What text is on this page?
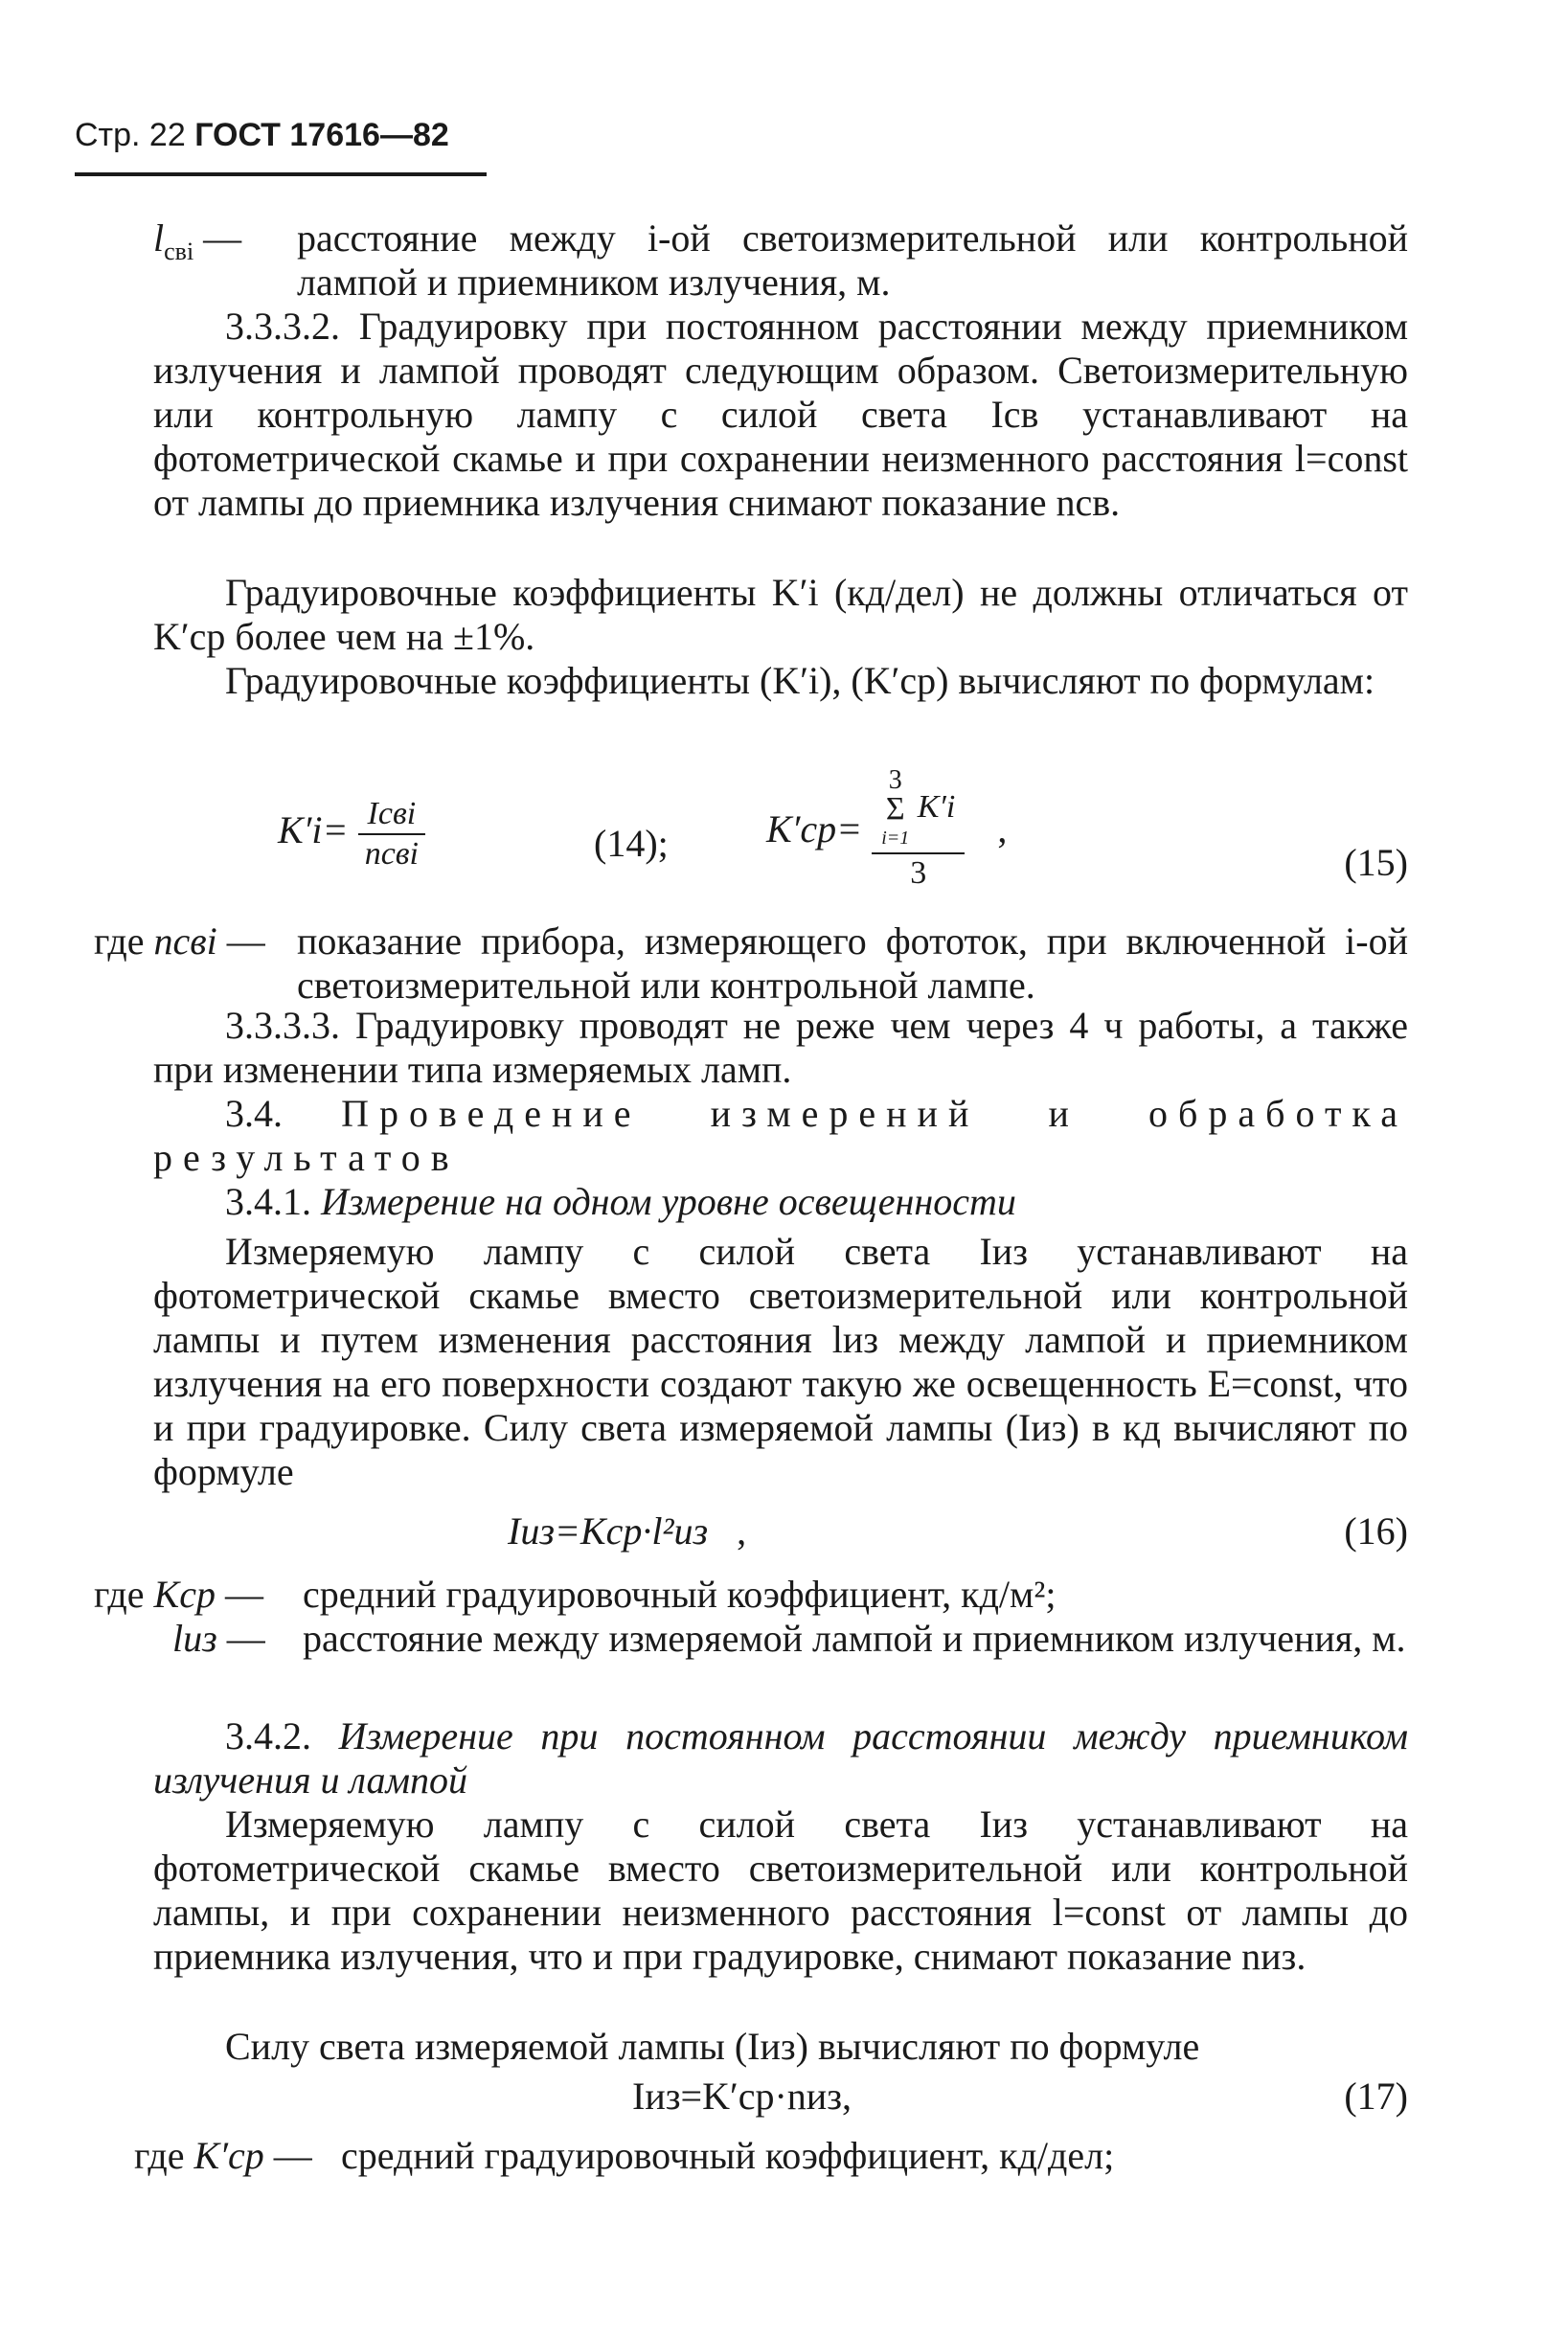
Стр. 22 ГОСТ 17616—82
$l_{свi}$ — расстояние между i-ой светоизмерительной или контрольной лампой и приемником излучения, м.
3.3.3.2. Градуировку при постоянном расстоянии между приемником излучения и лампой проводят следующим образом. Светоизмерительную или контрольную лампу с силой света Iсв устанавливают на фотометрической скамье и при сохранении неизменного расстояния l=const от лампы до приемника излучения снимают показание nсв.
Градуировочные коэффициенты K′i (кд/дел) не должны отличаться от K′ср более чем на ±1%.
Градуировочные коэффициенты (K′i), (K′ср) вычисляют по формулам:
$K'i= \frac{\text{Iсвi}}{\text{nсвi}}$	(14);	K′ср= 3
Σ
i=1
K′i
3 ,
(15)
где nсвi — показание прибора, измеряющего фототок, при включенной i-ой светоизмерительной или контрольной лампе.
3.3.3.3. Градуировку проводят не реже чем через 4 ч работы, а также при изменении типа измеряемых ламп.
3.4. Проведение измерений и обработка результатов
3.4.1. Измерение на одном уровне освещенности
Измеряемую лампу с силой света Iиз устанавливают на фотометрической скамье вместо светоизмерительной или контрольной лампы и путем изменения расстояния lиз между лампой и приемником излучения на его поверхности создают такую же освещенность E=const, что и при градуировке. Силу света измеряемой лампы (Iиз) в кд вычисляют по формуле
Iиз=Kср·l²из ,	(16)
где Kср — средний градуировочный коэффициент, кд/м²;
lиз — расстояние между измеряемой лампой и приемником излучения, м.
3.4.2. Измерение при постоянном расстоянии между приемником излучения и лампой
Измеряемую лампу с силой света Iиз устанавливают на фотометрической скамье вместо светоизмерительной или контрольной лампы, и при сохранении неизменного расстояния l=const от лампы до приемника излучения, что и при градуировке, снимают показание nиз.
Силу света измеряемой лампы (Iиз) вычисляют по формуле
Iиз=K′ср·nиз,	(17)
где K′ср — средний градуировочный коэффициент, кд/дел;
